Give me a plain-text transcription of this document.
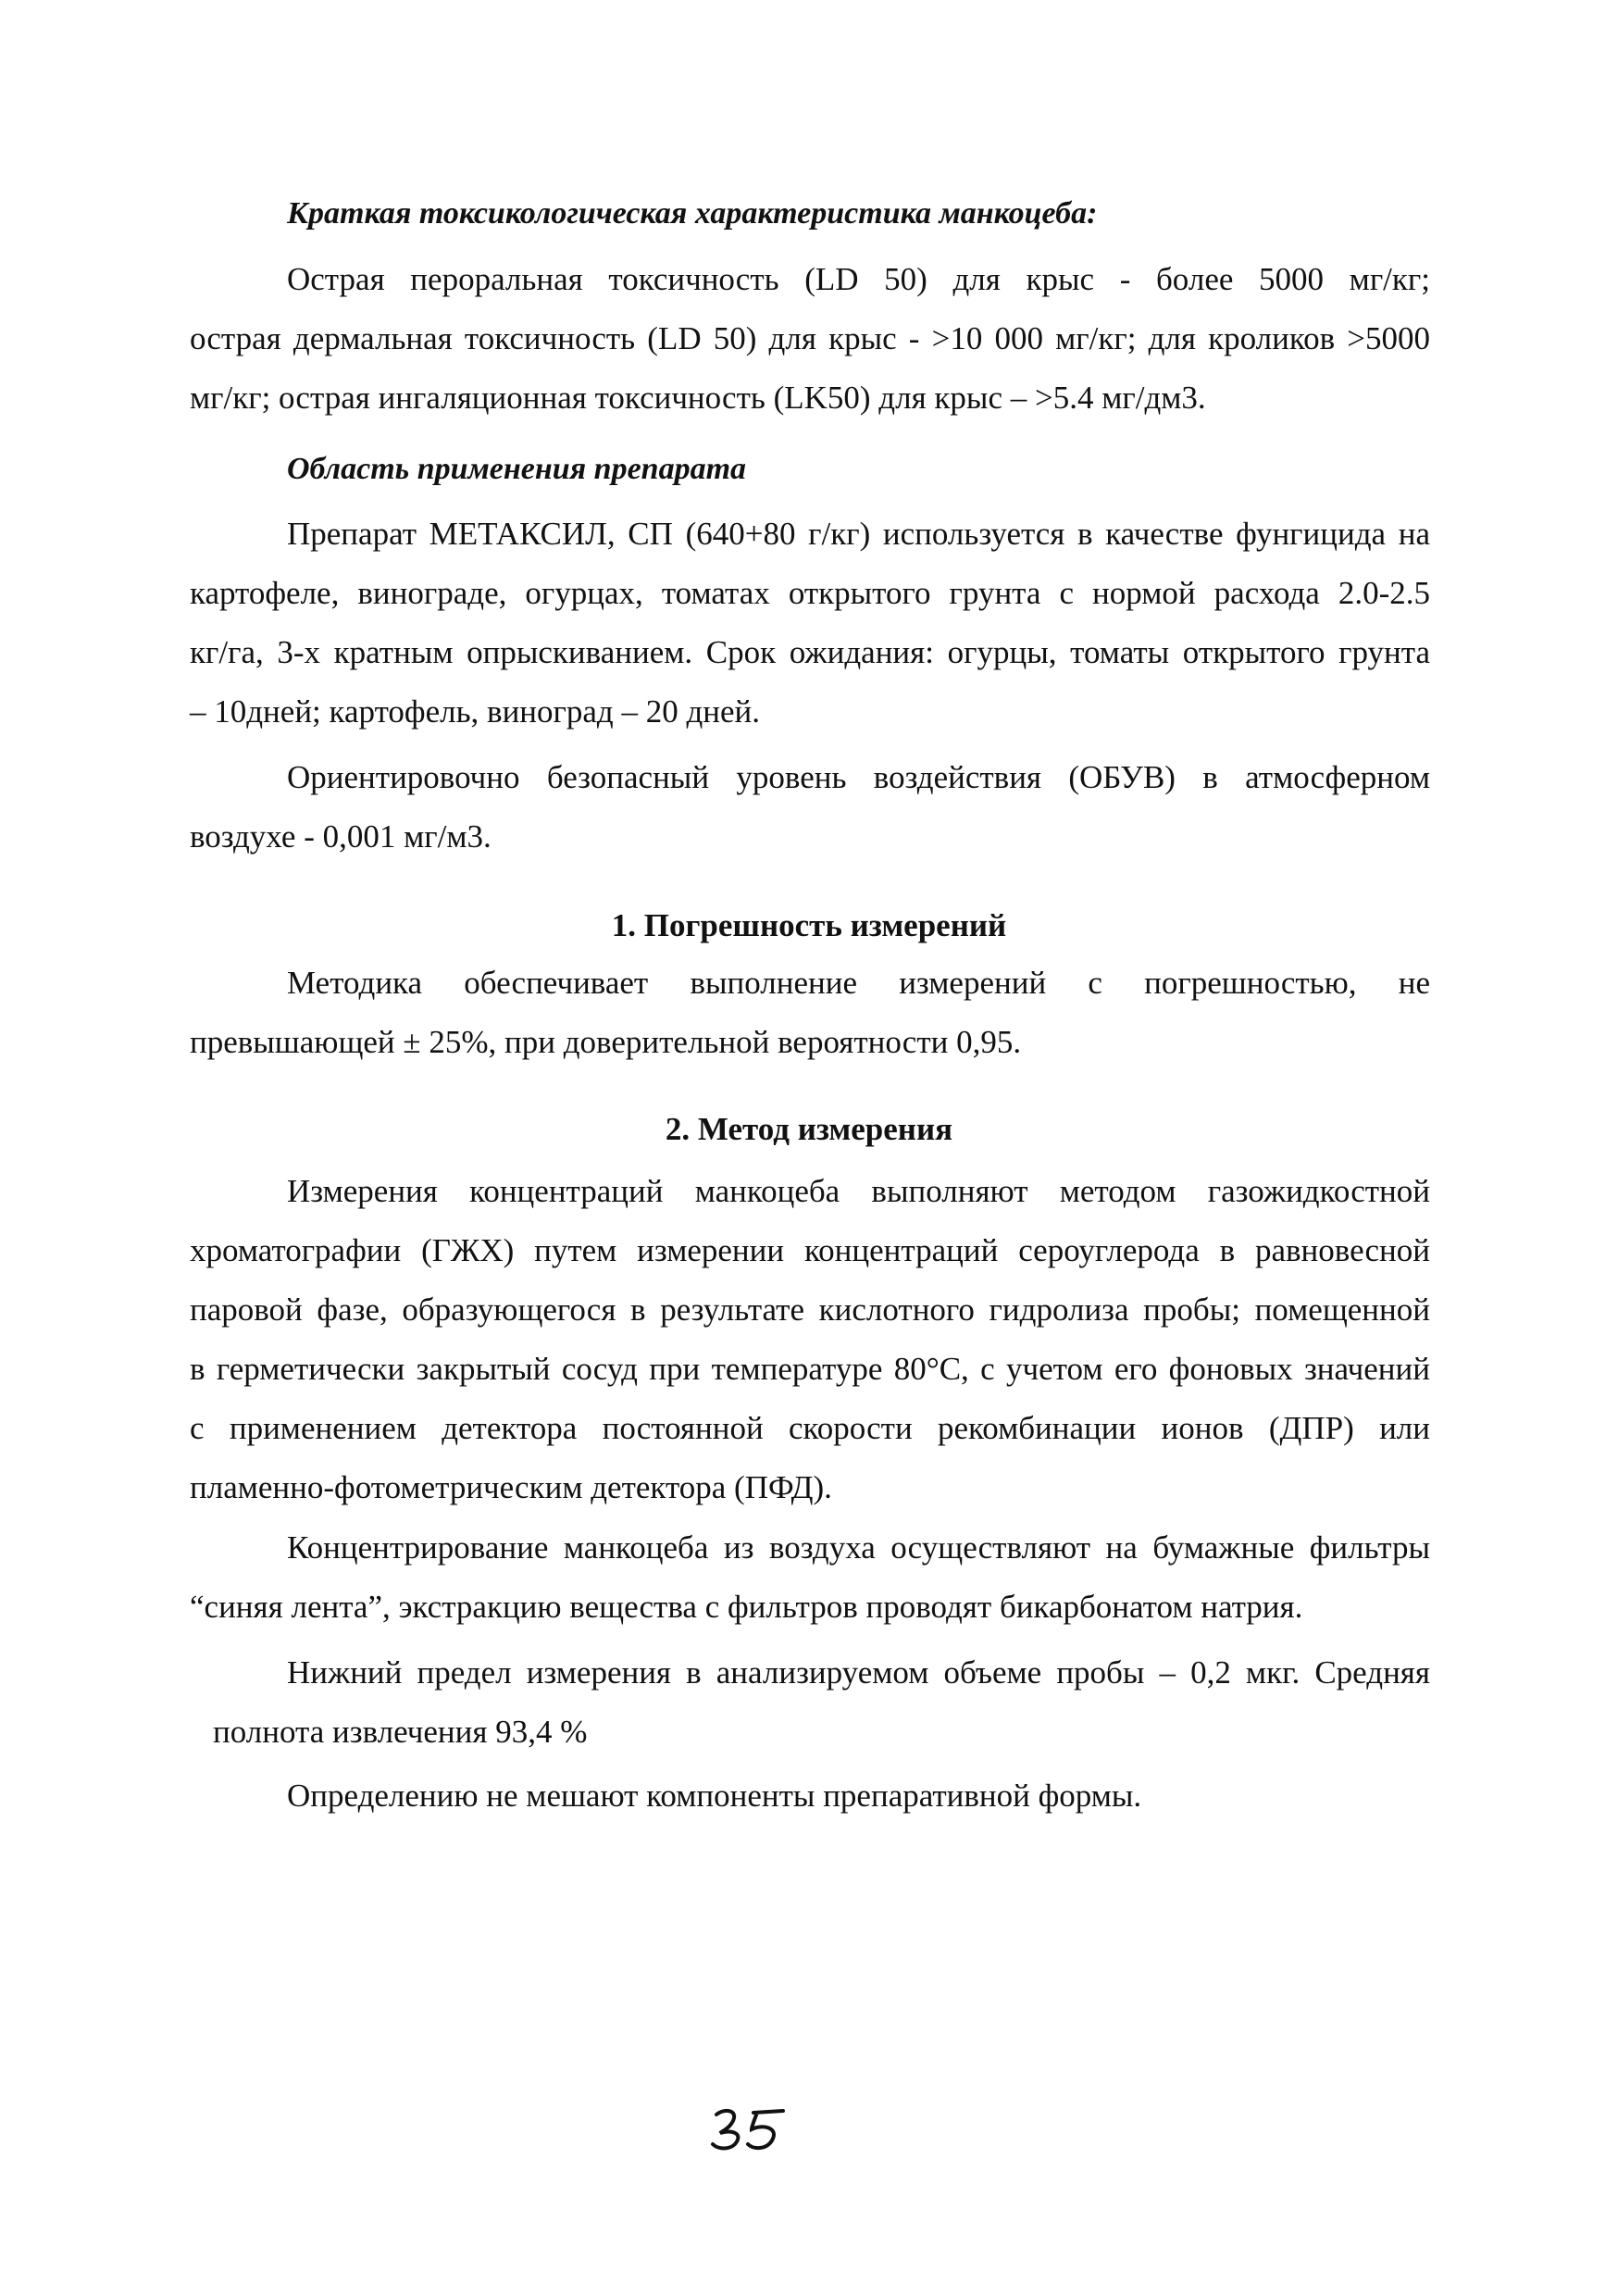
Краткая токсикологическая характеристика манкоцеба:
Острая пероральная токсичность (LD 50) для крыс - более 5000 мг/кг;
острая дермальная токсичность (LD 50) для крыс - >10 000 мг/кг; для кроликов >5000
мг/кг; острая ингаляционная токсичность (LK50) для крыс – >5.4 мг/дм3.
Область применения препарата
Препарат МЕТАКСИЛ, СП (640+80 г/кг) используется в качестве фунгицида на
картофеле, винограде, огурцах, томатах открытого грунта с нормой расхода 2.0-2.5
кг/га, 3-х кратным опрыскиванием. Срок ожидания: огурцы, томаты открытого грунта
– 10дней; картофель, виноград – 20 дней.
Ориентировочно безопасный уровень воздействия (ОБУВ) в атмосферном
воздухе - 0,001 мг/м3.
1. Погрешность измерений
Методика обеспечивает выполнение измерений с погрешностью, не
превышающей ± 25%, при доверительной вероятности 0,95.
2. Метод измерения
Измерения концентраций манкоцеба выполняют методом газожидкостной
хроматографии (ГЖХ) путем измерении концентраций сероуглерода в равновесной
паровой фазе, образующегося в результате кислотного гидролиза пробы; помещенной
в герметически закрытый сосуд при температуре 80°С, с учетом его фоновых значений
с применением детектора постоянной скорости рекомбинации ионов (ДПР) или
пламенно-фотометрическим детектора (ПФД).
Концентрирование манкоцеба из воздуха осуществляют на бумажные фильтры
“синяя лента”, экстракцию вещества с фильтров проводят бикарбонатом натрия.
Нижний предел измерения в анализируемом объеме пробы – 0,2 мкг. Средняя
полнота извлечения 93,4 %
Определению не мешают компоненты препаративной формы.
